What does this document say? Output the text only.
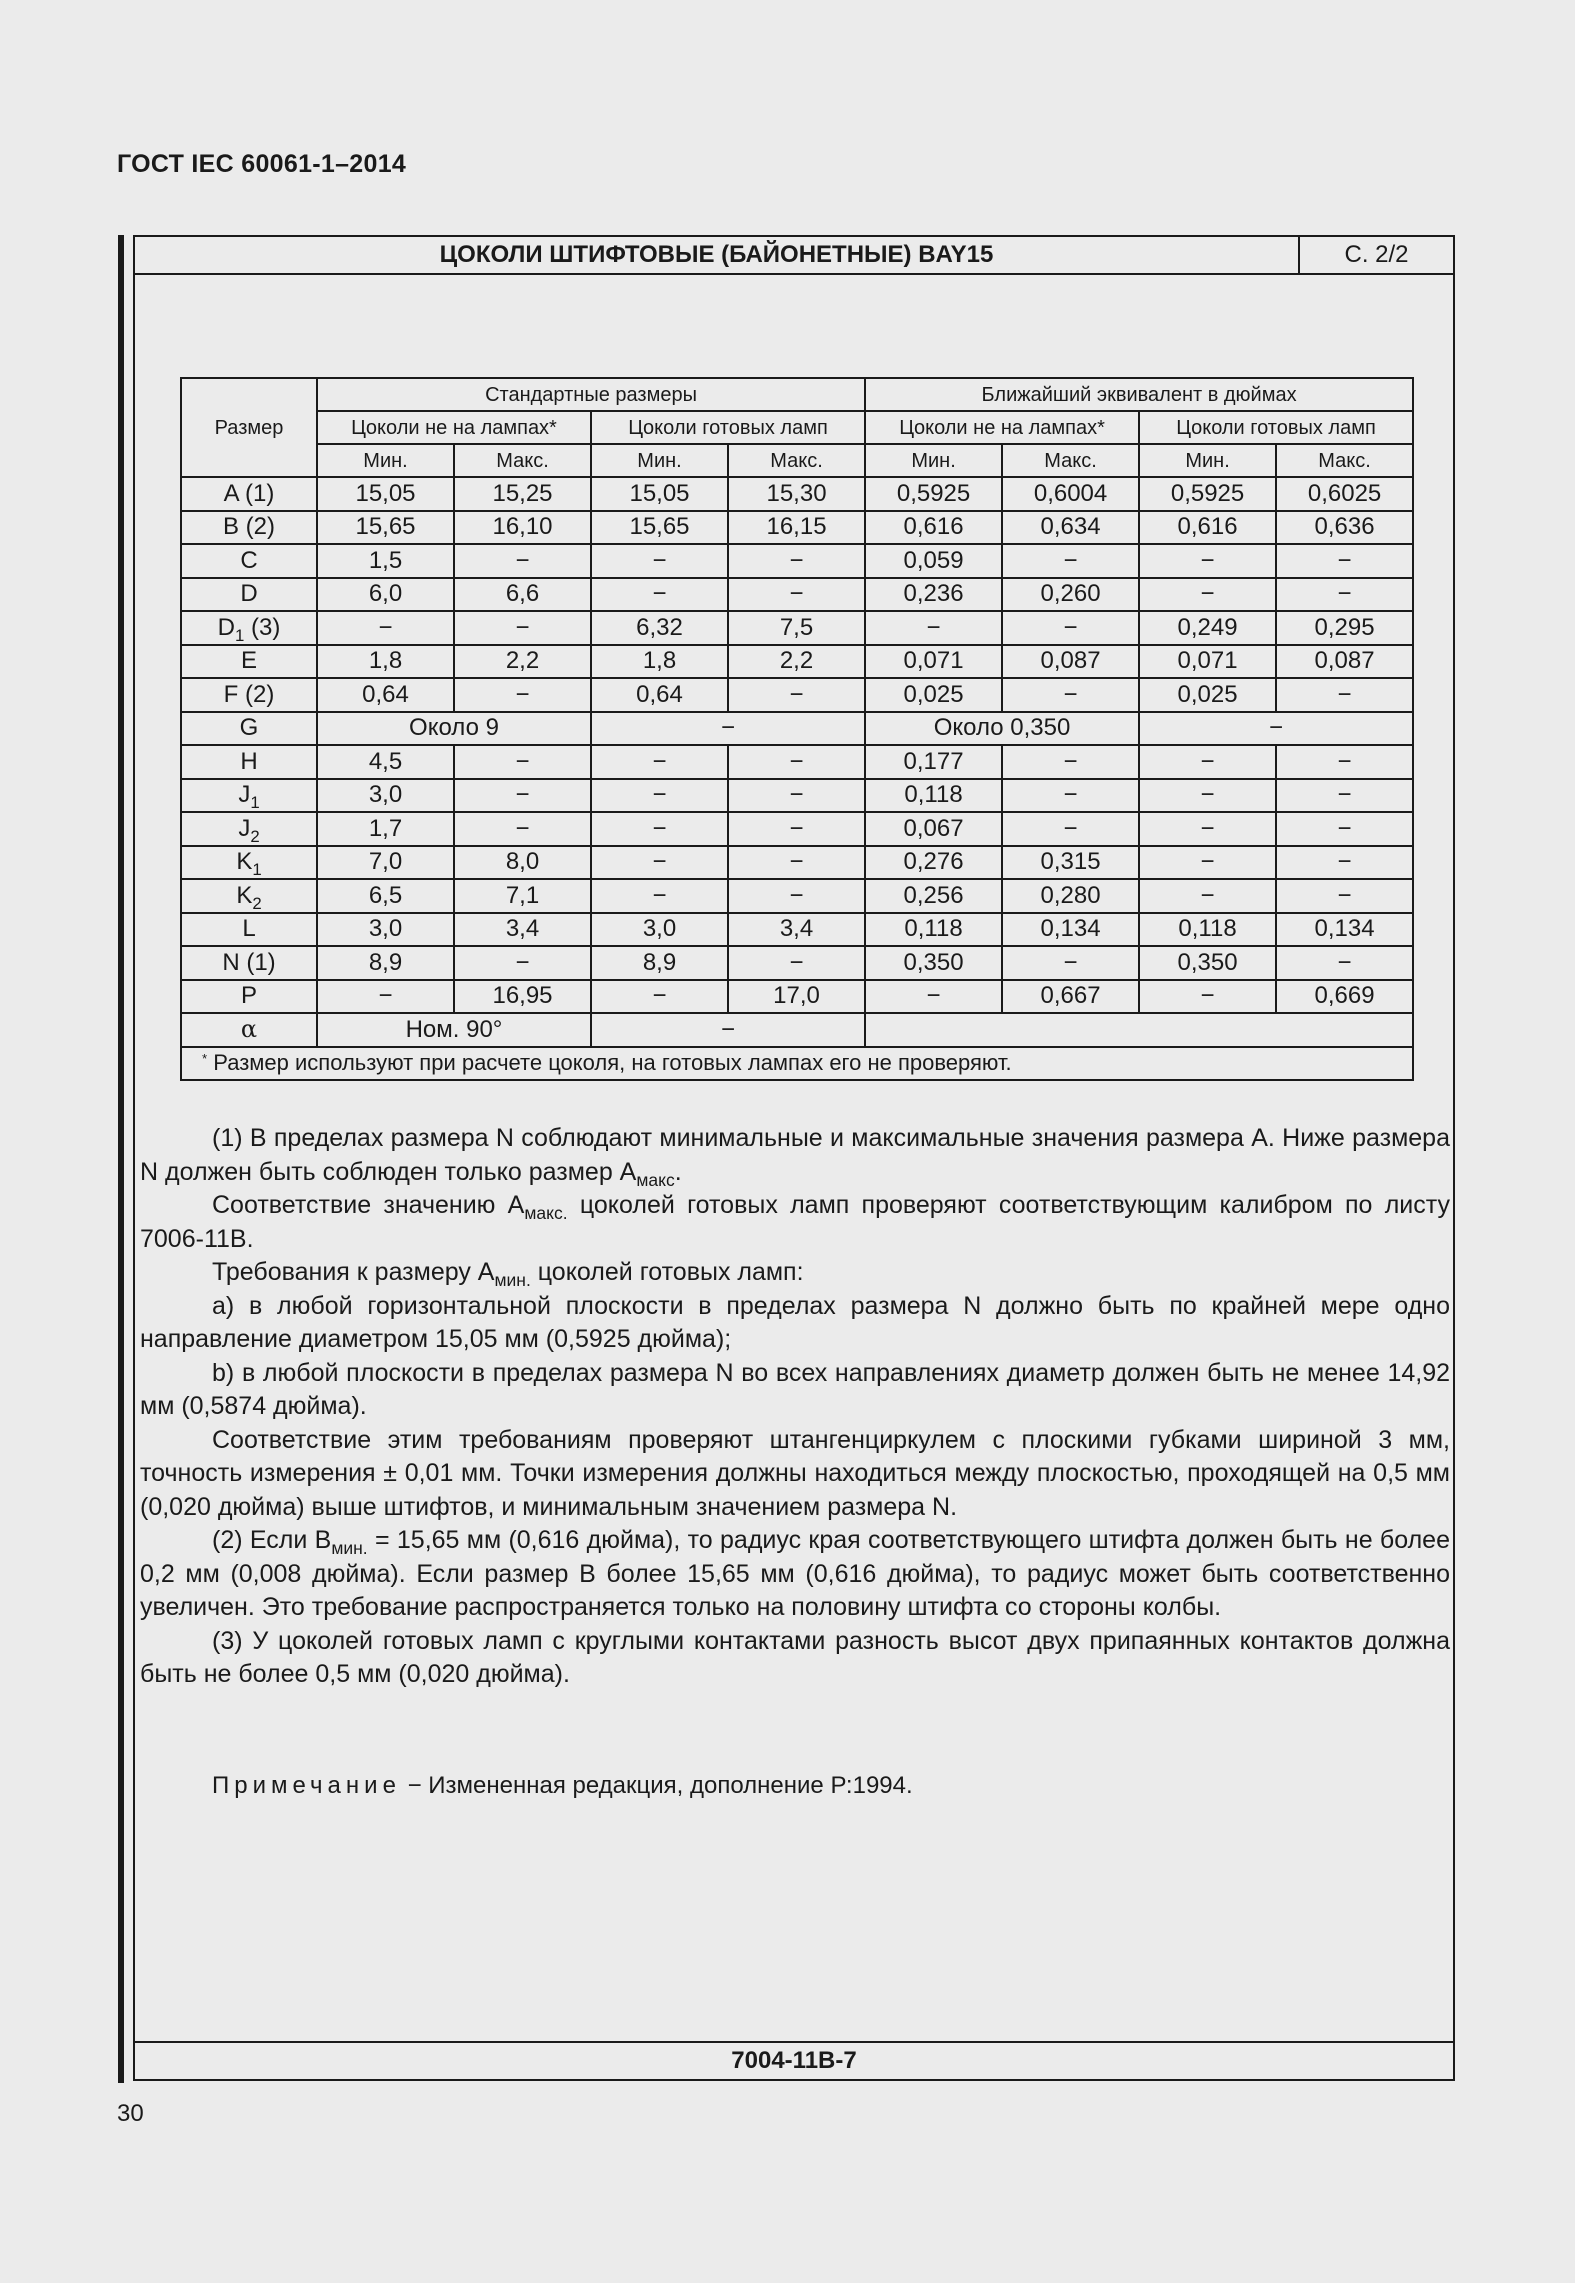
ГОСТ IEC 60061-1–2014
ЦОКОЛИ ШТИФТОВЫЕ (БАЙОНЕТНЫЕ) BAY15	С. 2/2
7004-11В-7
	Стандартные размеры				Ближайший эквивалент в дюймах			
Размер	Цоколи не на лампах*		Цоколи готовых ламп		Цоколи не на лампах*		Цоколи готовых ламп	
	Мин.	Макс.	Мин.	Макс.	Мин.	Макс.	Мин.	Макс.
A (1)	15,05	15,25	15,05	15,30	0,5925	0,6004	0,5925	0,6025
B (2)	15,65	16,10	15,65	16,15	0,616	0,634	0,616	0,636
C	1,5	−	−	−	0,059	−	−	−
D	6,0	6,6	−	−	0,236	0,260	−	−
$D_1$ (3)	−	−	6,32	7,5	−	−	0,249	0,295
E	1,8	2,2	1,8	2,2	0,071	0,087	0,071	0,087
F (2)	0,64	−	0,64	−	0,025	−	0,025	−
G	Около 9		−		Около 0,350		−	
H	4,5	−	−	−	0,177	−	−	−
$J_1$	3,0	−	−	−	0,118	−	−	−
$J_2$	1,7	−	−	−	0,067	−	−	−
$K_1$	7,0	8,0	−	−	0,276	0,315	−	−
$K_2$	6,5	7,1	−	−	0,256	0,280	−	−
L	3,0	3,4	3,0	3,4	0,118	0,134	0,118	0,134
N (1)	8,9	−	8,9	−	0,350	−	0,350	−
P	−	16,95	−	17,0	−	0,667	−	0,669
α	Ном. 90°		−					
* Размер используют при расчете цоколя, на готовых лампах его не проверяют.								

(1) В пределах размера N соблюдают минимальные и максимальные значения размера А. Ниже размера N должен быть соблюден только размер $А_{макс}$.

Соответствие значению $А_{макс.}$ цоколей готовых ламп проверяют соответствующим калибром по листу 7006-11В.

Требования к размеру $А_{мин.}$ цоколей готовых ламп:

а) в любой горизонтальной плоскости в пределах размера N должно быть по крайней мере одно направление диаметром 15,05 мм (0,5925 дюйма);

b) в любой плоскости в пределах размера N во всех направлениях диаметр должен быть не менее 14,92 мм (0,5874 дюйма).

Соответствие этим требованиям проверяют штангенциркулем с плоскими губками шириной 3 мм, точность измерения ± 0,01 мм. Точки измерения должны находиться между плоскостью, проходящей на 0,5 мм (0,020 дюйма) выше штифтов, и минимальным значением размера N.

(2) Если $В_{мин.} = 15,65$ мм (0,616 дюйма), то радиус края соответствующего штифта должен быть не более 0,2 мм (0,008 дюйма). Если размер В более 15,65 мм (0,616 дюйма), то радиус может быть соответственно увеличен. Это требование распространяется только на половину штифта со стороны колбы.

(3) У цоколей готовых ламп с круглыми контактами разность высот двух припаянных контактов должна быть не более 0,5 мм (0,020 дюйма).

Примечание − Измененная редакция, дополнение Р:1994.
30
